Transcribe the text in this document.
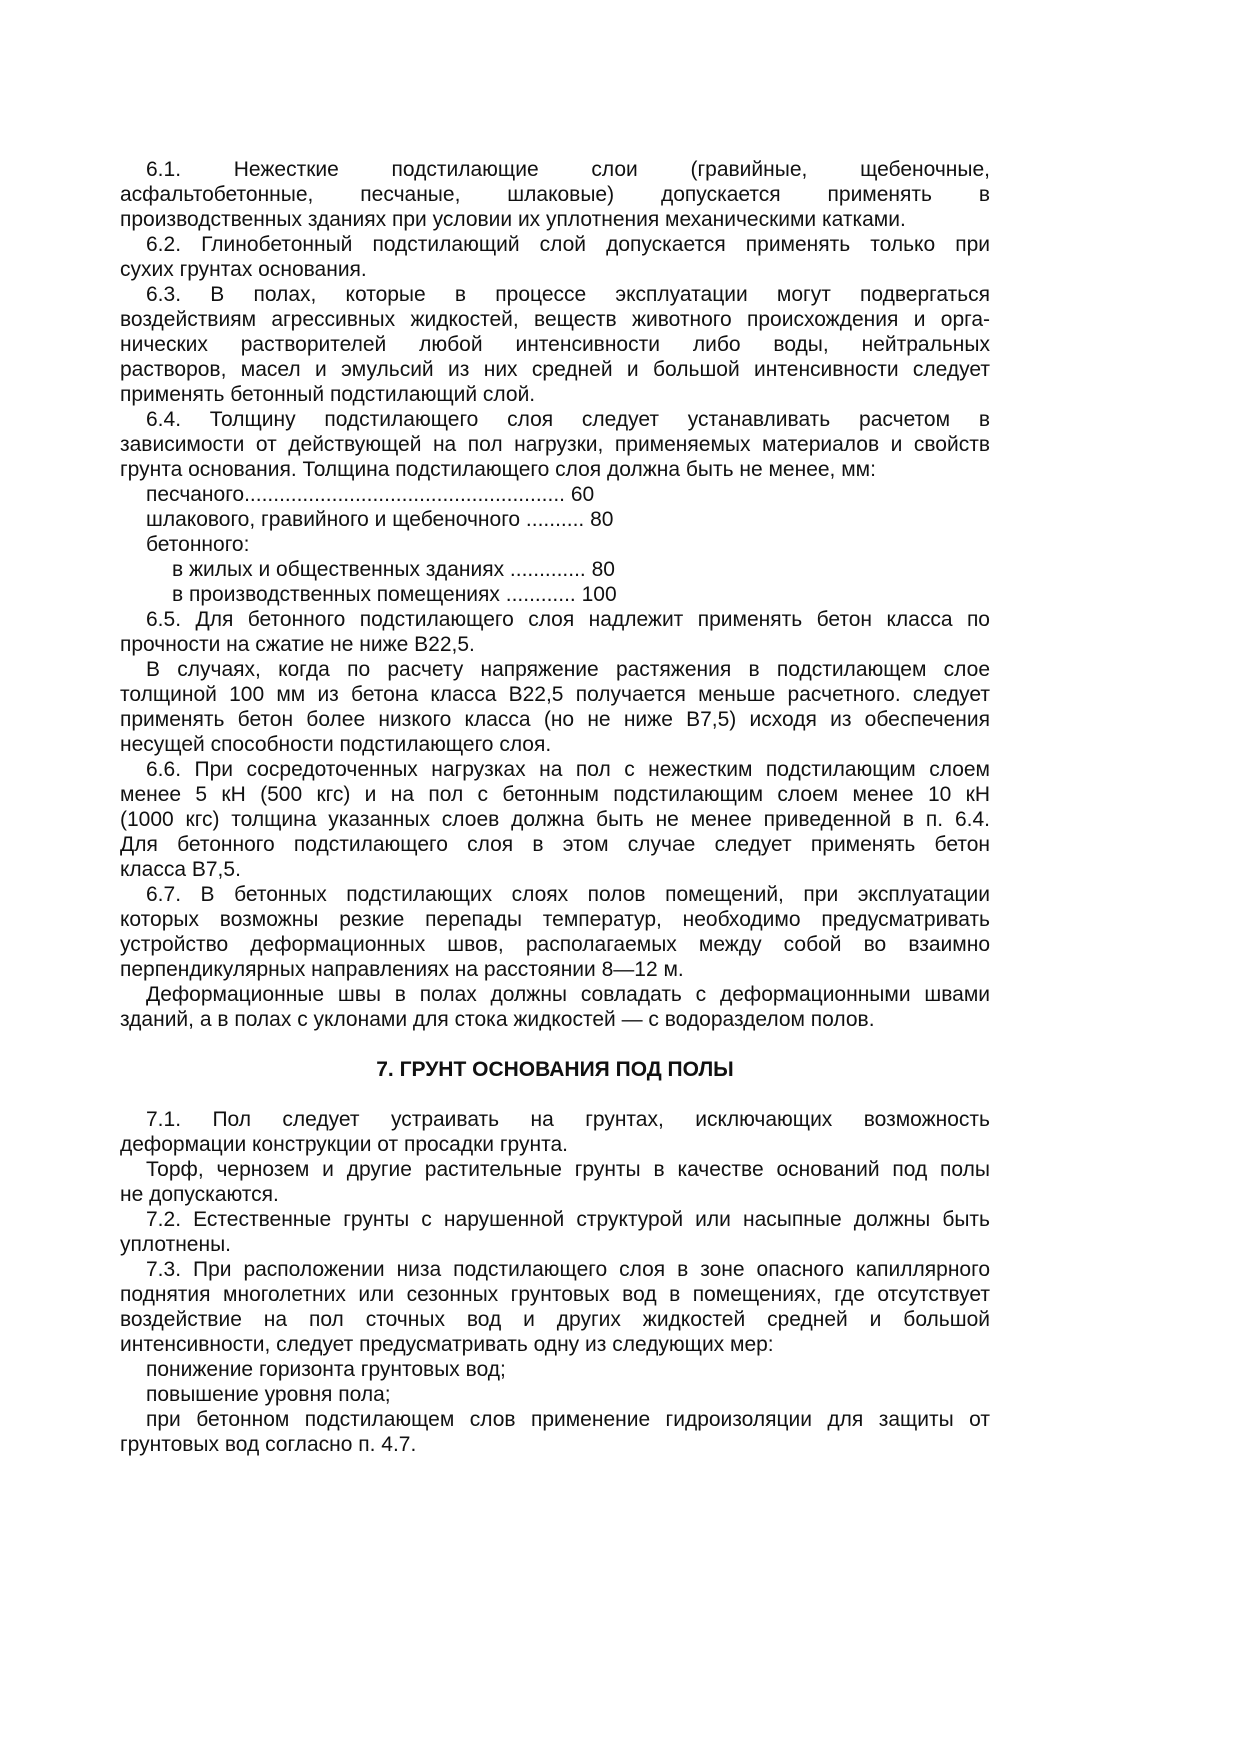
6.1. Нежесткие подстилающие слои (гравийные, щебеночные,
асфальтобетонные, песчаные, шлаковые) допускается применять в
производственных зданиях при условии их уплотнения механическими катками.
6.2. Глинобетонный подстилающий слой допускается применять только при
сухих грунтах основания.
6.3. В полах, которые в процессе эксплуатации могут подвергаться
воздействиям агрессивных жидкостей, веществ животного происхождения и орга-
нических растворителей любой интенсивности либо воды, нейтральных
растворов, масел и эмульсий из них средней и большой интенсивности следует
применять бетонный подстилающий слой.
6.4. Толщину подстилающего слоя следует устанавливать расчетом в
зависимости от действующей на пол нагрузки, применяемых материалов и свойств
грунта основания. Толщина подстилающего слоя должна быть не менее, мм:
песчаного....................................................... 60
шлакового, гравийного и щебеночного .......... 80
бетонного:
в жилых и общественных зданиях ............. 80
в производственных помещениях ............ 100
6.5. Для бетонного подстилающего слоя надлежит применять бетон класса по
прочности на сжатие не ниже В22,5.
В случаях, когда по расчету напряжение растяжения в подстилающем слое
толщиной 100 мм из бетона класса В22,5 получается меньше расчетного. следует
применять бетон более низкого класса (но не ниже В7,5) исходя из обеспечения
несущей способности подстилающего слоя.
6.6. При сосредоточенных нагрузках на пол с нежестким подстилающим слоем
менее 5 кН (500 кгс) и на пол с бетонным подстилающим слоем менее 10 кН
(1000 кгс) толщина указанных слоев должна быть не менее приведенной в п. 6.4.
Для бетонного подстилающего слоя в этом случае следует применять бетон
класса В7,5.
6.7. В бетонных подстилающих слоях полов помещений, при эксплуатации
которых возможны резкие перепады температур, необходимо предусматривать
устройство деформационных швов, располагаемых между собой во взаимно
перпендикулярных направлениях на расстоянии 8—12 м.
Деформационные швы в полах должны совладать с деформационными швами
зданий, а в полах с уклонами для стока жидкостей — с водоразделом полов.
7. ГРУНТ ОСНОВАНИЯ ПОД ПОЛЫ
7.1. Пол следует устраивать на грунтах, исключающих возможность
деформации конструкции от просадки грунта.
Торф, чернозем и другие растительные грунты в качестве оснований под полы
не допускаются.
7.2. Естественные грунты с нарушенной структурой или насыпные должны быть
уплотнены.
7.3. При расположении низа подстилающего слоя в зоне опасного капиллярного
поднятия многолетних или сезонных грунтовых вод в помещениях, где отсутствует
воздействие на пол сточных вод и других жидкостей средней и большой
интенсивности, следует предусматривать одну из следующих мер:
понижение горизонта грунтовых вод;
повышение уровня пола;
при бетонном подстилающем слов применение гидроизоляции для защиты от
грунтовых вод согласно п. 4.7.
